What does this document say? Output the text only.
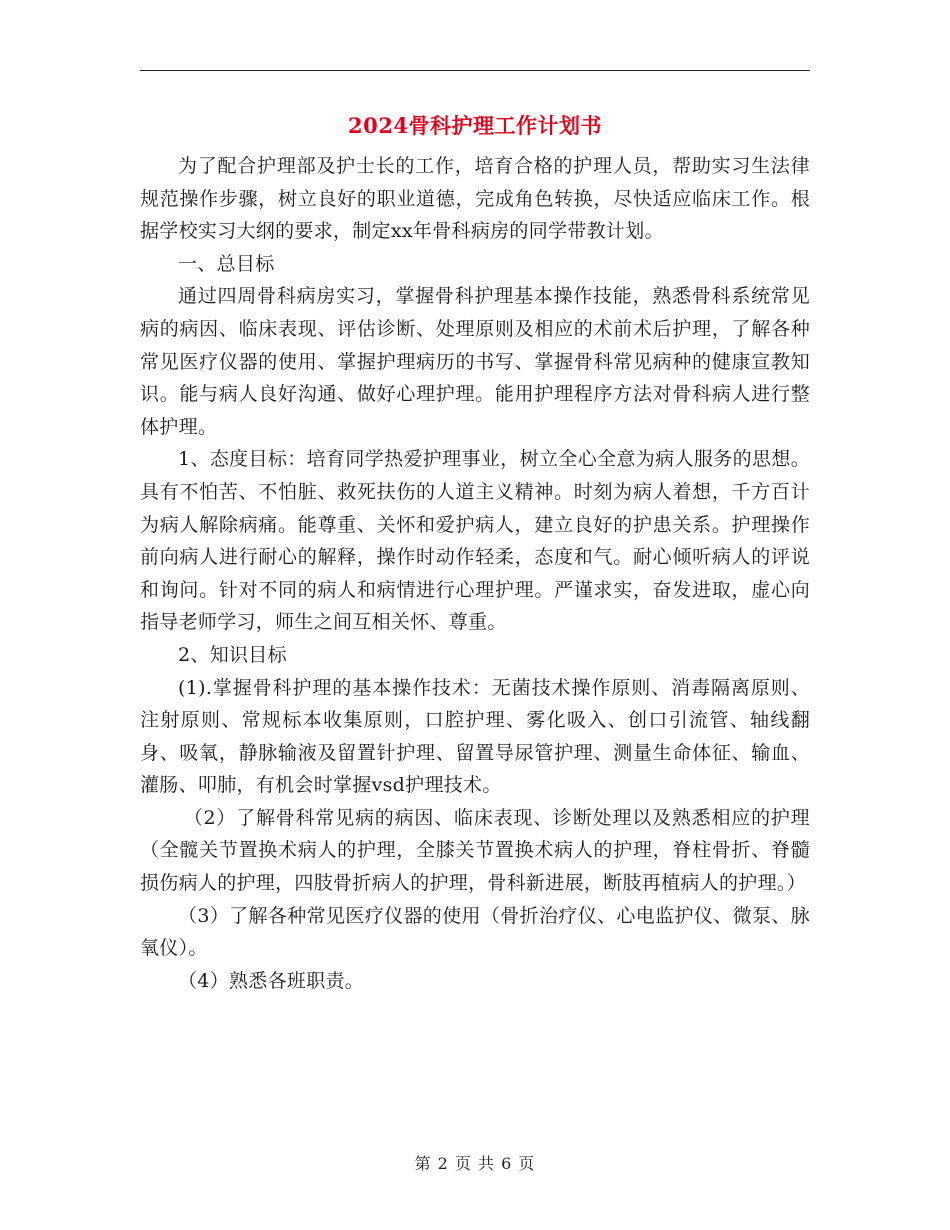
2024骨科护理工作计划书

为了配合护理部及护士长的工作，培育合格的护理人员，帮助实习生法律规范操作步骤，树立良好的职业道德，完成角色转换，尽快适应临床工作。根据学校实习大纲的要求，制定xx年骨科病房的同学带教计划。

一、总目标

通过四周骨科病房实习，掌握骨科护理基本操作技能，熟悉骨科系统常见病的病因、临床表现、评估诊断、处理原则及相应的术前术后护理，了解各种常见医疗仪器的使用、掌握护理病历的书写、掌握骨科常见病种的健康宣教知识。能与病人良好沟通、做好心理护理。能用护理程序方法对骨科病人进行整体护理。

1、态度目标：培育同学热爱护理事业，树立全心全意为病人服务的思想。具有不怕苦、不怕脏、救死扶伤的人道主义精神。时刻为病人着想，千方百计为病人解除病痛。能尊重、关怀和爱护病人，建立良好的护患关系。护理操作前向病人进行耐心的解释，操作时动作轻柔，态度和气。耐心倾听病人的评说和询问。针对不同的病人和病情进行心理护理。严谨求实，奋发进取，虚心向指导老师学习，师生之间互相关怀、尊重。

2、知识目标

(1).掌握骨科护理的基本操作技术：无菌技术操作原则、消毒隔离原则、注射原则、常规标本收集原则，口腔护理、雾化吸入、创口引流管、轴线翻身、吸氧，静脉输液及留置针护理、留置导尿管护理、测量生命体征、输血、灌肠、叩肺，有机会时掌握vsd护理技术。

（2）了解骨科常见病的病因、临床表现、诊断处理以及熟悉相应的护理（全髋关节置换术病人的护理，全膝关节置换术病人的护理，脊柱骨折、脊髓损伤病人的护理，四肢骨折病人的护理，骨科新进展，断肢再植病人的护理。）

（3）了解各种常见医疗仪器的使用（骨折治疗仪、心电监护仪、微泵、脉氧仪）。

（4）熟悉各班职责。

第 2 页 共 6 页
